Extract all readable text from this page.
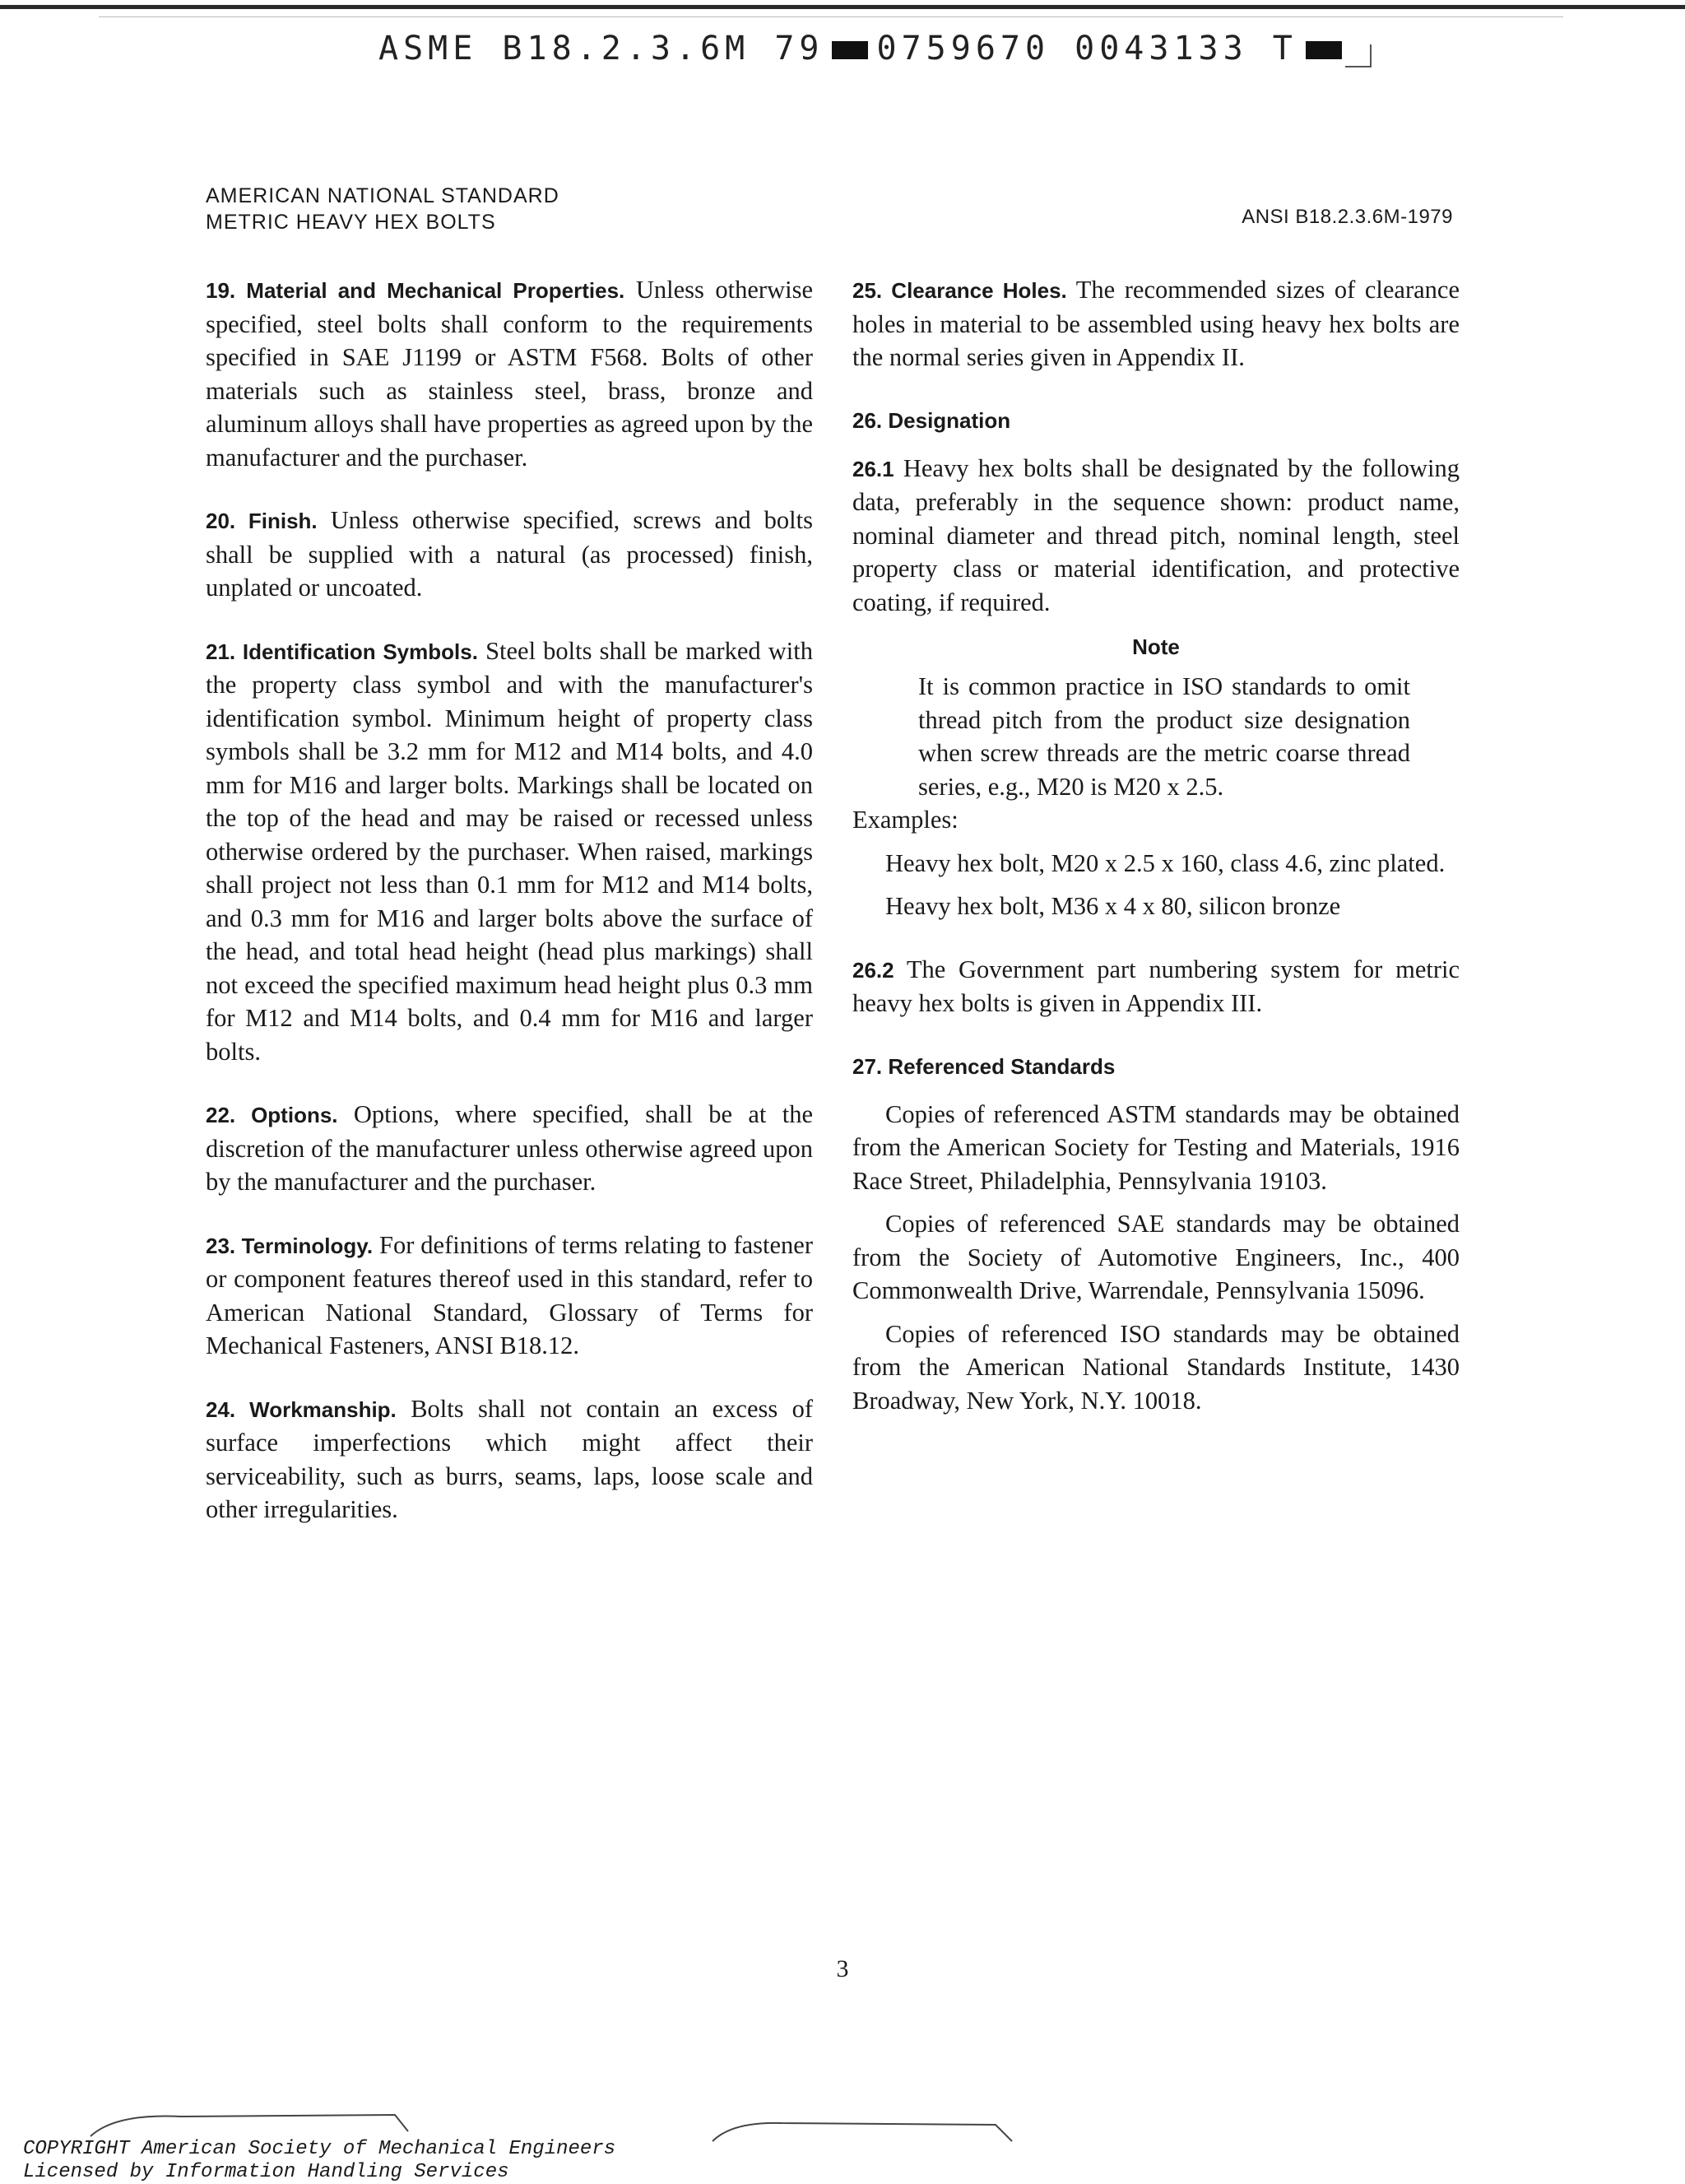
ASME B18.2.3.6M 79 0759670 0043133 T
AMERICAN NATIONAL STANDARD
METRIC HEAVY HEX BOLTS	ANSI B18.2.3.6M-1979

19. Material and Mechanical Properties. Unless otherwise specified, steel bolts shall conform to the requirements specified in SAE J1199 or ASTM F568. Bolts of other materials such as stainless steel, brass, bronze and aluminum alloys shall have properties as agreed upon by the manufacturer and the purchaser.

20. Finish. Unless otherwise specified, screws and bolts shall be supplied with a natural (as processed) finish, unplated or uncoated.

21. Identification Symbols. Steel bolts shall be marked with the property class symbol and with the manufacturer's identification symbol. Minimum height of property class symbols shall be 3.2 mm for M12 and M14 bolts, and 4.0 mm for M16 and larger bolts. Markings shall be located on the top of the head and may be raised or recessed unless otherwise ordered by the purchaser. When raised, markings shall project not less than 0.1 mm for M12 and M14 bolts, and 0.3 mm for M16 and larger bolts above the surface of the head, and total head height (head plus markings) shall not exceed the specified maximum head height plus 0.3 mm for M12 and M14 bolts, and 0.4 mm for M16 and larger bolts.

22. Options. Options, where specified, shall be at the discretion of the manufacturer unless otherwise agreed upon by the manufacturer and the purchaser.

23. Terminology. For definitions of terms relating to fastener or component features thereof used in this standard, refer to American National Standard, Glossary of Terms for Mechanical Fasteners, ANSI B18.12.

24. Workmanship. Bolts shall not contain an excess of surface imperfections which might affect their serviceability, such as burrs, seams, laps, loose scale and other irregularities.

25. Clearance Holes. The recommended sizes of clearance holes in material to be assembled using heavy hex bolts are the normal series given in Appendix II.

26. Designation

26.1 Heavy hex bolts shall be designated by the following data, preferably in the sequence shown: product name, nominal diameter and thread pitch, nominal length, steel property class or material identification, and protective coating, if required.

Note
It is common practice in ISO standards to omit thread pitch from the product size designation when screw threads are the metric coarse thread series, e.g., M20 is M20 x 2.5.

Examples:

Heavy hex bolt, M20 x 2.5 x 160, class 4.6, zinc plated.

Heavy hex bolt, M36 x 4 x 80, silicon bronze

26.2 The Government part numbering system for metric heavy hex bolts is given in Appendix III.

27. Referenced Standards

Copies of referenced ASTM standards may be obtained from the American Society for Testing and Materials, 1916 Race Street, Philadelphia, Pennsylvania 19103.

Copies of referenced SAE standards may be obtained from the Society of Automotive Engineers, Inc., 400 Commonwealth Drive, Warrendale, Pennsylvania 15096.

Copies of referenced ISO standards may be obtained from the American National Standards Institute, 1430 Broadway, New York, N.Y. 10018.

3
COPYRIGHT American Society of Mechanical Engineers
Licensed by Information Handling Services
